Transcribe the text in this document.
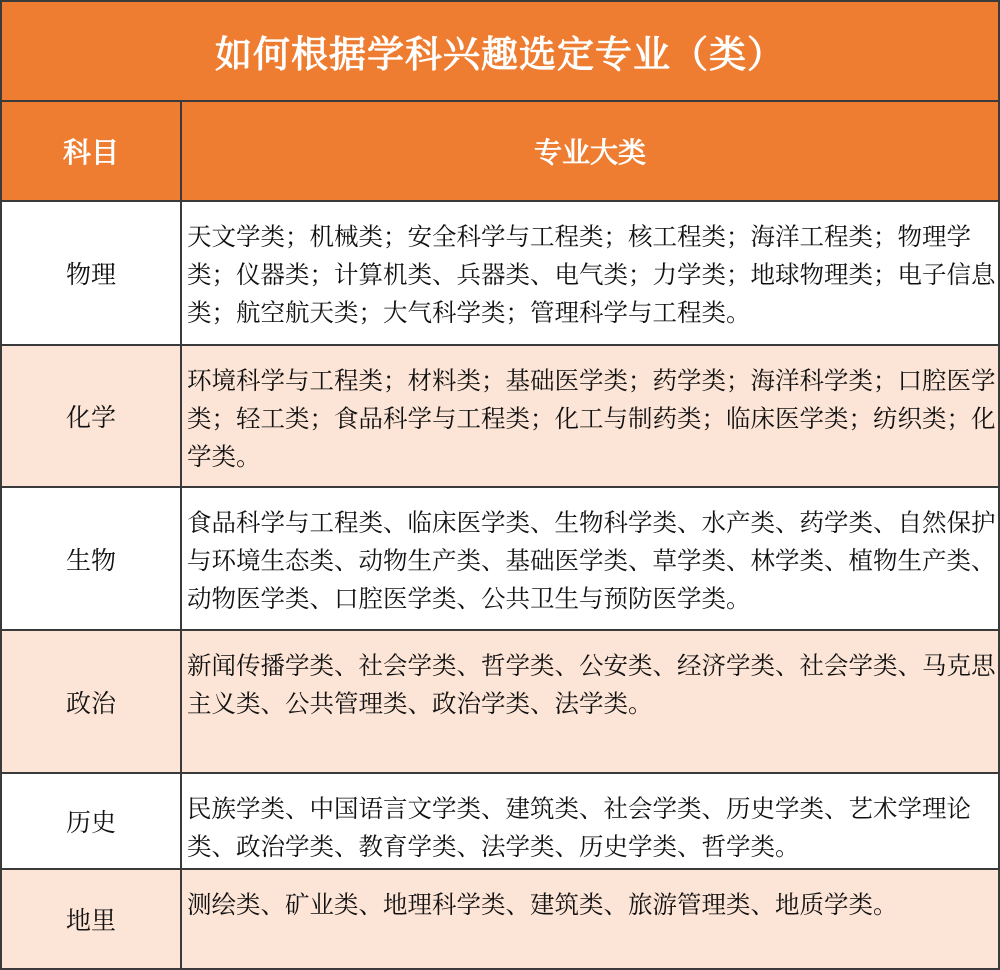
如何根据学科兴趣选定专业（类）
科目	专业大类
物理
天文学类；机械类；安全科学与工程类；核工程类；海洋工程类；物理学类；仪器类；计算机类、兵器类、电气类；力学类；地球物理类；电子信息类；航空航天类；大气科学类；管理科学与工程类。
化学
环境科学与工程类；材料类；基础医学类；药学类；海洋科学类；口腔医学类；轻工类；食品科学与工程类；化工与制药类；临床医学类；纺织类；化学类。
生物
食品科学与工程类、临床医学类、生物科学类、水产类、药学类、自然保护与环境生态类、动物生产类、基础医学类、草学类、林学类、植物生产类、动物医学类、口腔医学类、公共卫生与预防医学类。
政治
新闻传播学类、社会学类、哲学类、公安类、经济学类、社会学类、马克思主义类、公共管理类、政治学类、法学类。
历史	民族学类、中国语言文学类、建筑类、社会学类、历史学类、艺术学理论类、政治学类、教育学类、法学类、历史学类、哲学类。
地里
测绘类、矿业类、地理科学类、建筑类、旅游管理类、地质学类。
